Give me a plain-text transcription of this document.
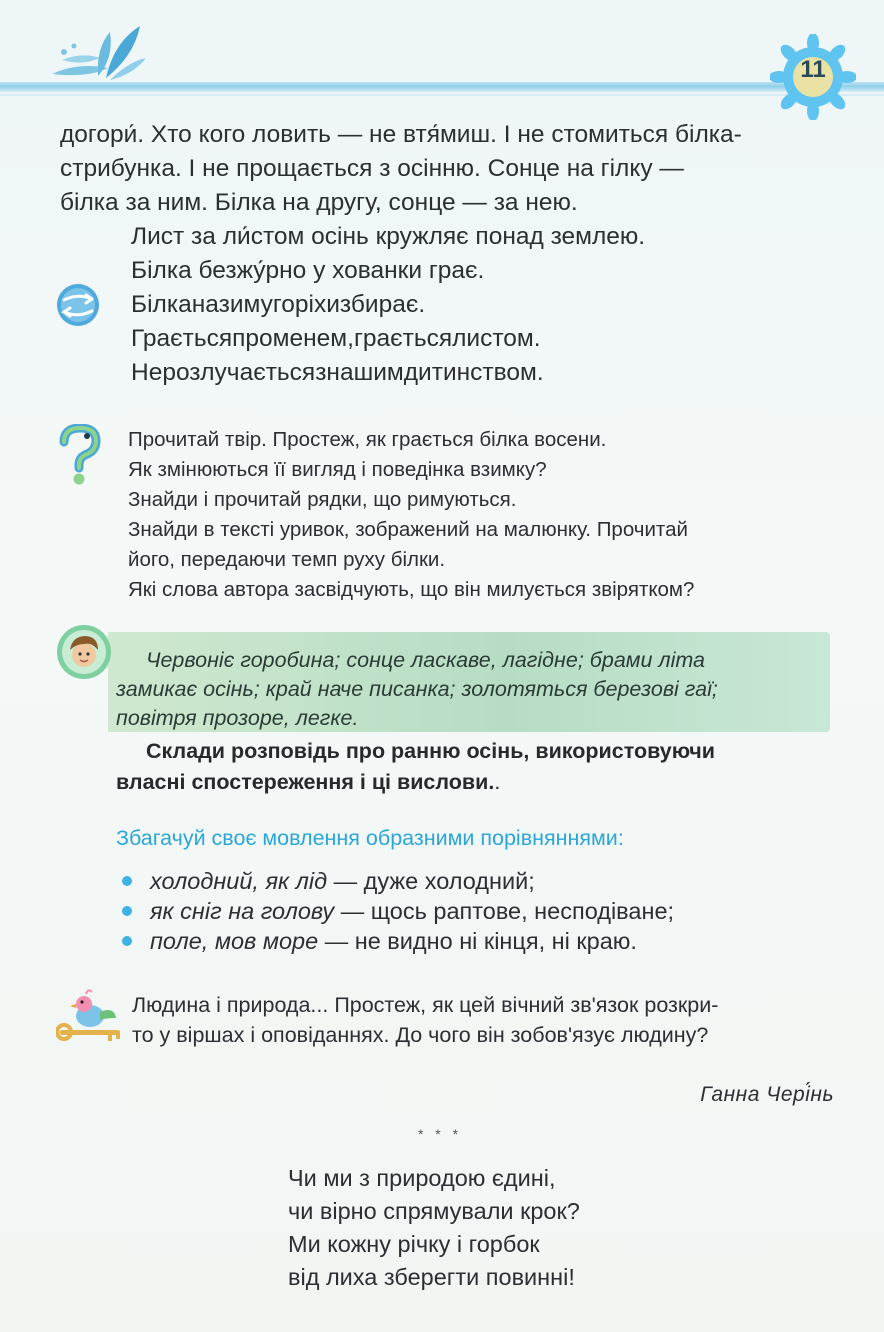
11

догори́. Хто кого ловить — не втя́миш. І не стомиться білка-

стрибунка. І не прощається з осінню. Сонце на гілку —

білка за ним. Білка на другу, сонце — за нею.

Лист за ли́стом осінь кружляє понад землею.
Білка безжу́рно у хованки грає.
Білканазимугоріхизбирає.
Граєтьсяпроменем,граєтьсялистом.
Нерозлучаєтьсязнашимдитинством.
Прочитай твір. Простеж, як грається білка восени.
Як змінюються її вигляд і поведінка взимку?
Знайди і прочитай рядки, що римуються.
Знайди в тексті уривок, зображений на малюнку. Прочитай
його, передаючи темп руху білки.
Які слова автора засвідчують, що він милується звірятком?
Червоніє горобина; сонце ласкаве, лагідне; брами літа
замикає осінь; край наче писанка; золотяться березові гаї;
повітря прозоре, легке.
Склади розповідь про ранню осінь, використовуючи
власні спостереження і ці вислови..
Збагачуй своє мовлення образними порівняннями:
холодний, як лід — дуже холодний;
як сніг на голову — щось раптове, несподіване;
поле, мов море — не видно ні кінця, ні краю.
Людина і природа... Простеж, як цей вічний зв'язок розкри-
то у віршах і оповіданнях. До чого він зобов'язує людину?
Ганна Чері́нь
* * *
Чи ми з природою єдині,
чи вірно спрямували крок?
Ми кожну річку і горбок
від лиха зберегти повинні!
